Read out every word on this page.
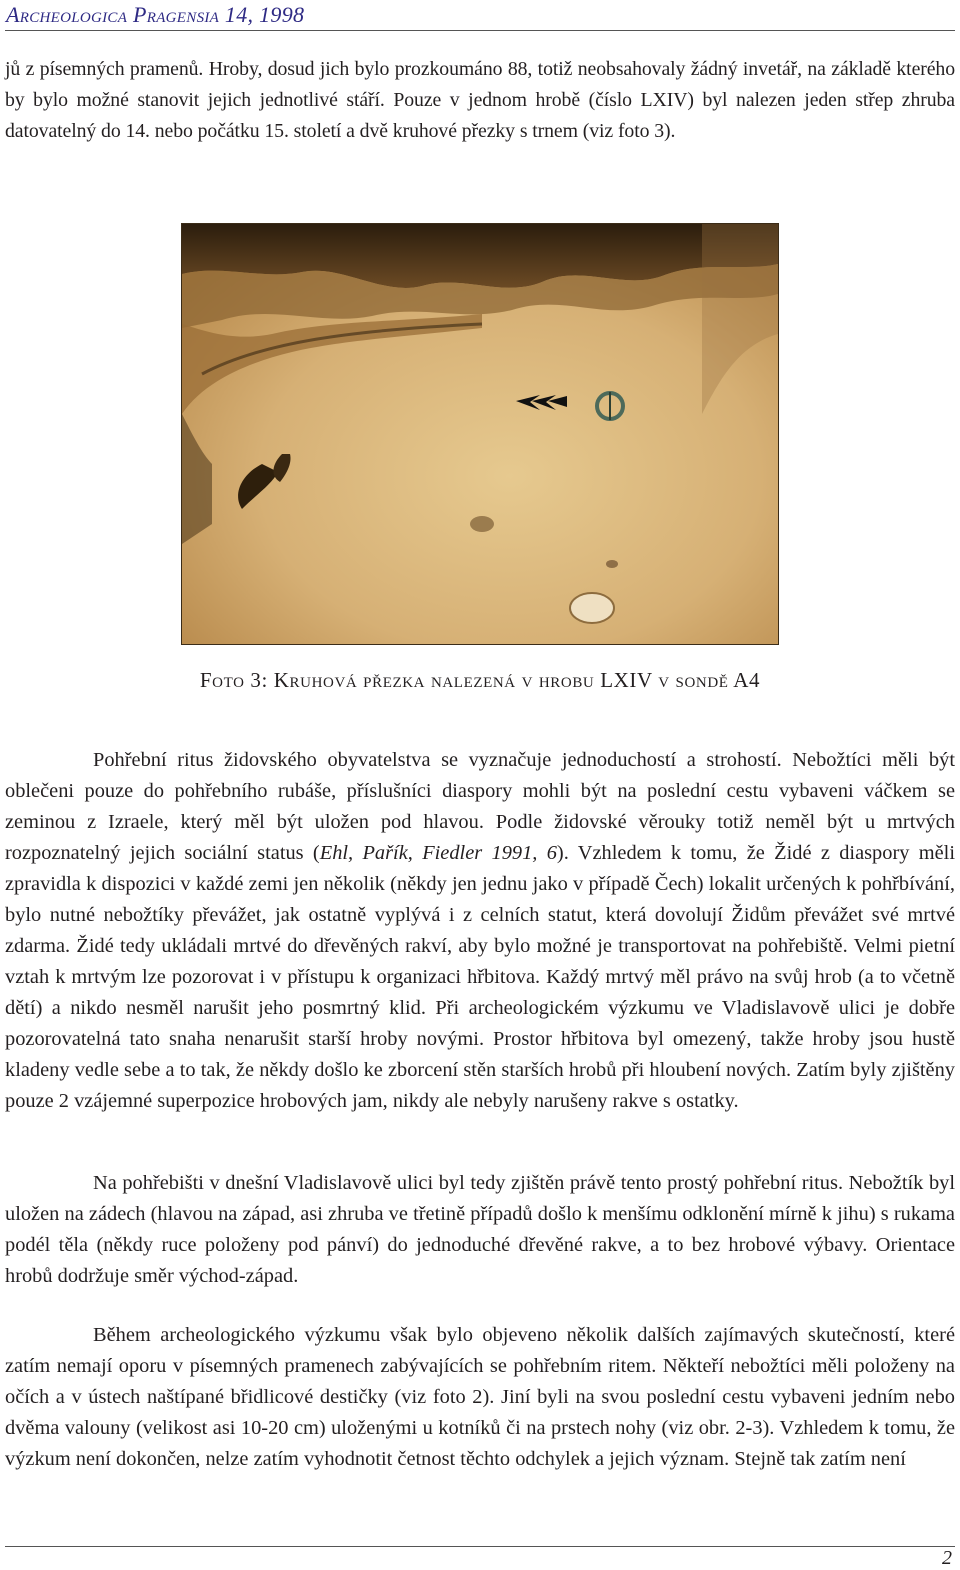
Archeologica Pragensia 14, 1998

jů z písemných pramenů. Hroby, dosud jich bylo prozkoumáno 88, totiž neobsahovaly žádný invetář, na základě kterého by bylo možné stanovit jejich jednotlivé stáří. Pouze v jednom hrobě (číslo LXIV) byl nalezen jeden střep zhruba datovatelný do 14. nebo počátku 15. století a dvě kruhové přezky s trnem (viz foto 3).

Foto 3: Kruhová přezka nalezená v hrobu LXIV v sondě A4

Pohřební ritus židovského obyvatelstva se vyznačuje jednoduchostí a strohostí. Nebožtíci měli být oblečeni pouze do pohřebního rubáše, příslušníci diaspory mohli být na poslední cestu vybaveni váčkem se zeminou z Izraele, který měl být uložen pod hlavou. Podle židovské věrouky totiž neměl být u mrtvých rozpoznatelný jejich sociální status (Ehl, Pařík, Fiedler 1991, 6). Vzhledem k tomu, že Židé z diaspory měli zpravidla k dispozici v každé zemi jen několik (někdy jen jednu jako v případě Čech) lokalit určených k pohřbívání, bylo nutné nebožtíky převážet, jak ostatně vyplývá i z celních statut, která dovolují Židům převážet své mrtvé zdarma. Židé tedy ukládali mrtvé do dřevěných rakví, aby bylo možné je transportovat na pohřebiště. Velmi pietní vztah k mrtvým lze pozorovat i v přístupu k organizaci hřbitova. Každý mrtvý měl právo na svůj hrob (a to včetně dětí) a nikdo nesměl narušit jeho posmrtný klid. Při archeologickém výzkumu ve Vladislavově ulici je dobře pozorovatelná tato snaha nenarušit starší hroby novými. Prostor hřbitova byl omezený, takže hroby jsou hustě kladeny vedle sebe a to tak, že někdy došlo ke zborcení stěn starších hrobů při hloubení nových. Zatím byly zjištěny pouze 2 vzájemné superpozice hrobových jam, nikdy ale nebyly narušeny rakve s ostatky.

Na pohřebišti v dnešní Vladislavově ulici byl tedy zjištěn právě tento prostý pohřební ritus. Nebožtík byl uložen na zádech (hlavou na západ, asi zhruba ve třetině případů došlo k menšímu odklonění mírně k jihu) s rukama podél těla (někdy ruce položeny pod pánví) do jednoduché dřevěné rakve, a to bez hrobové výbavy. Orientace hrobů dodržuje směr východ-západ.

Během archeologického výzkumu však bylo objeveno několik dalších zajímavých skutečností, které zatím nemají oporu v písemných pramenech zabývajících se pohřebním ritem. Někteří nebožtíci měli položeny na očích a v ústech naštípané břidlicové destičky (viz foto 2). Jiní byli na svou poslední cestu vybaveni jedním nebo dvěma valouny (velikost asi 10-20 cm) uloženými u kotníků či na prstech nohy (viz obr. 2-3). Vzhledem k tomu, že výzkum není dokončen, nelze zatím vyhodnotit četnost těchto odchylek a jejich význam. Stejně tak zatím není

2
